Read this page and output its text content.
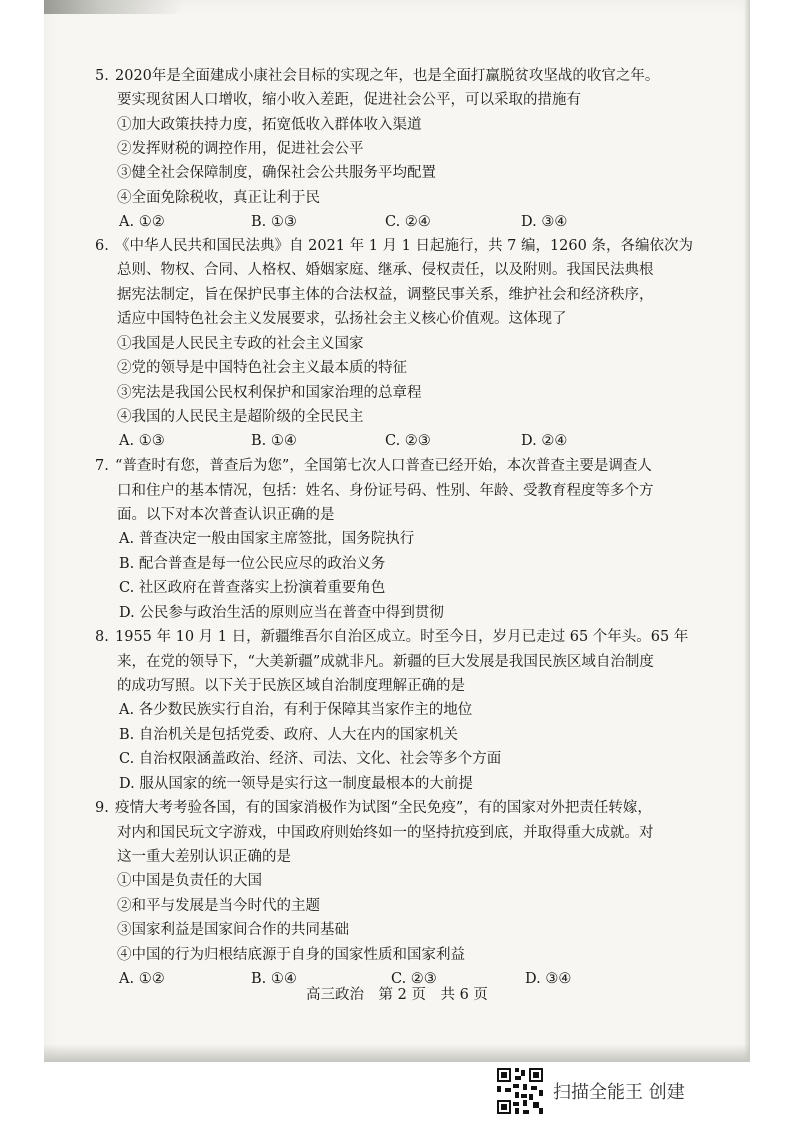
5. 2020年是全面建成小康社会目标的实现之年，也是全面打赢脱贫攻坚战的收官之年。
要实现贫困人口增收，缩小收入差距，促进社会公平，可以采取的措施有
①加大政策扶持力度，拓宽低收入群体收入渠道
②发挥财税的调控作用，促进社会公平
③健全社会保障制度，确保社会公共服务平均配置
④全面免除税收，真正让利于民
A. ①②	B. ①③	C. ②④	D. ③④
6. 《中华人民共和国民法典》自 2021 年 1 月 1 日起施行，共 7 编，1260 条，各编依次为
总则、物权、合同、人格权、婚姻家庭、继承、侵权责任，以及附则。我国民法典根
据宪法制定，旨在保护民事主体的合法权益，调整民事关系，维护社会和经济秩序，
适应中国特色社会主义发展要求，弘扬社会主义核心价值观。这体现了
①我国是人民民主专政的社会主义国家
②党的领导是中国特色社会主义最本质的特征
③宪法是我国公民权利保护和国家治理的总章程
④我国的人民民主是超阶级的全民民主
A. ①③	B. ①④	C. ②③	D. ②④
7. “普查时有您，普查后为您”，全国第七次人口普查已经开始，本次普查主要是调查人
口和住户的基本情况，包括：姓名、身份证号码、性别、年龄、受教育程度等多个方
面。以下对本次普查认识正确的是
A. 普查决定一般由国家主席签批，国务院执行
B. 配合普查是每一位公民应尽的政治义务
C. 社区政府在普查落实上扮演着重要角色
D. 公民参与政治生活的原则应当在普查中得到贯彻
8. 1955 年 10 月 1 日，新疆维吾尔自治区成立。时至今日，岁月已走过 65 个年头。65 年
来，在党的领导下，“大美新疆”成就非凡。新疆的巨大发展是我国民族区域自治制度
的成功写照。以下关于民族区域自治制度理解正确的是
A. 各少数民族实行自治，有利于保障其当家作主的地位
B. 自治机关是包括党委、政府、人大在内的国家机关
C. 自治权限涵盖政治、经济、司法、文化、社会等多个方面
D. 服从国家的统一领导是实行这一制度最根本的大前提
9. 疫情大考考验各国，有的国家消极作为试图“全民免疫”，有的国家对外把责任转嫁，
对内和国民玩文字游戏，中国政府则始终如一的坚持抗疫到底，并取得重大成就。对
这一重大差别认识正确的是
①中国是负责任的大国
②和平与发展是当今时代的主题
③国家利益是国家间合作的共同基础
④中国的行为归根结底源于自身的国家性质和国家利益
A. ①②	B. ①④	C. ②③	D. ③④
高三政治　第 2 页　共 6 页
扫描全能王 创建
